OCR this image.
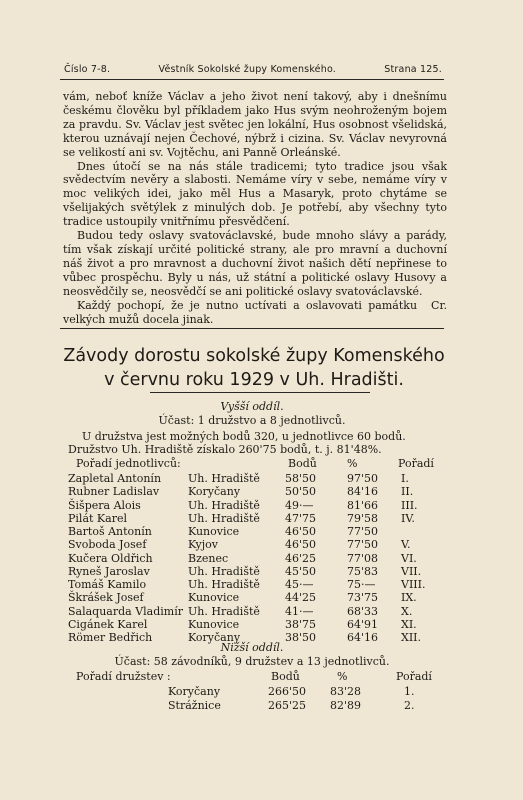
Číslo 7-8.	Věstník Sokolské župy Komenského.	Strana 125.

vám, neboť kníže Václav a jeho život není takový, aby i dnešnímu českému člověku byl příkladem jako Hus svým neohroženým bojem za pravdu. Sv. Václav jest světec jen lokální, Hus osobnost všelidská, kterou uznávají nejen Čechové, nýbrž i cizina. Sv. Václav nevyrovná se velikostí ani sv. Vojtěchu, ani Panně Orleánské.

Dnes útočí se na nás stále tradicemi; tyto tradice jsou však svědectvím nevěry a slabosti. Nemáme víry v sebe, nemáme víry v moc velikých idei, jako měl Hus a Masaryk, proto chytáme se všelijakých světýlek z minulých dob. Je potřebí, aby všechny tyto tradice ustoupily vnitřnímu přesvědčení.

Budou tedy oslavy svatováclavské, bude mnoho slávy a parády, tím však získají určité politické strany, ale pro mravní a duchovní náš život a pro mravnost a duchovní život našich dětí nepřinese to vůbec prospěchu. Byly u nás, už státní a politické oslavy Husovy a neosvědčily se, neosvědčí se ani politické oslavy svatováclavské.

Každý pochopí, že je nutno uctívati a oslavovati památku velkých mužů docela jinak.
Cr.

Závody dorostu sokolské župy Komenského
v červnu roku 1929 v Uh. Hradišti.
Vyšší oddíl.
Účast: 1 družstvo a 8 jednotlivců.
U družstva jest možných bodů 320, u jednotlivce 60 bodů.
Družstvo Uh. Hradiště získalo 260'75 bodů, t. j. 81'48%.
Pořadí jednotlivců:	Bodů	%	Pořadí
Zapletal Antonín Uh. Hradiště 58'50	97'50 I.
Rubner Ladislav	Koryčany	50'50	84'16 II.
Šišpera Alois	Uh. Hradiště 49·—	81'66 III.
Pilát Karel	Uh. Hradiště 47'75	79'58 IV.
Bartoš Antonín	Kunovice	46'50	77'50
Svoboda Josef	Kyjov	46'50	77'50 V.
Kučera Oldřich	Bzenec	46'25	77'08 VI.
Ryneš Jaroslav	Uh. Hradiště 45'50	75'83 VII.
Tomáš Kamilo	Uh. Hradiště 45·—	75·— VIII.
Škrášek Josef	Kunovice	44'25	73'75 IX.
Salaquarda Vladimír Uh. Hradiště 41·—	68'33 X.
Cigánek Karel	Kunovice	38'75	64'91 XI.
Römer Bedřich	Koryčany	38'50	64'16 XII.
Nižší oddíl.
Účast: 58 závodníků, 9 družstev a 13 jednotlivců.
Pořadí družstev :	Bodů	%	Pořadí
Koryčany	266'50 83'28	1.
Strážnice	265'25 82'89	2.
